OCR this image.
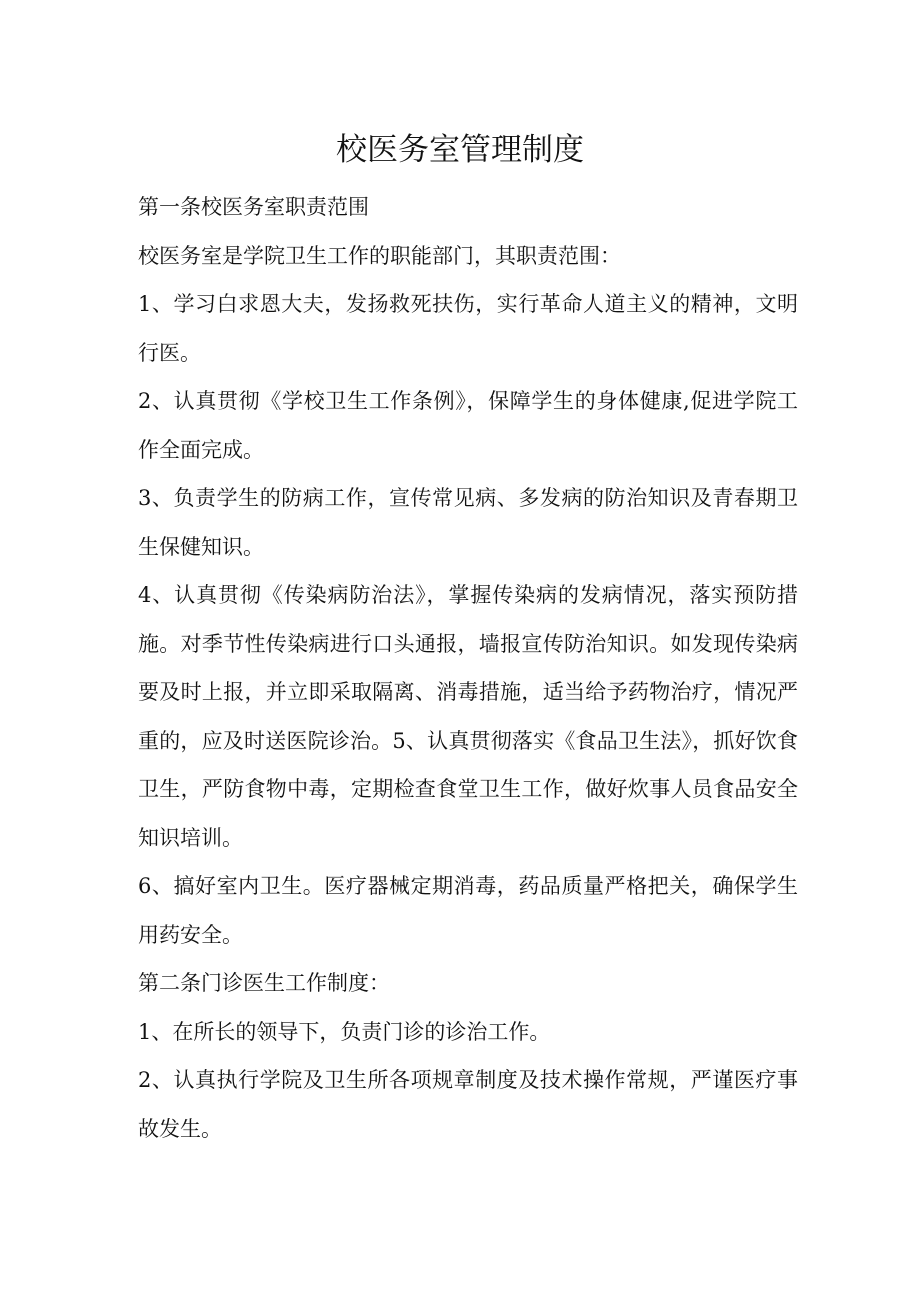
校医务室管理制度

第一条校医务室职责范围

校医务室是学院卫生工作的职能部门，其职责范围：

1、学习白求恩大夫，发扬救死扶伤，实行革命人道主义的精神，文明行医。

2、认真贯彻《学校卫生工作条例》，保障学生的身体健康,促进学院工作全面完成。

3、负责学生的防病工作，宣传常见病、多发病的防治知识及青春期卫生保健知识。

4、认真贯彻《传染病防治法》，掌握传染病的发病情况，落实预防措施。对季节性传染病进行口头通报，墙报宣传防治知识。如发现传染病要及时上报，并立即采取隔离、消毒措施，适当给予药物治疗，情况严重的，应及时送医院诊治。5、认真贯彻落实《食品卫生法》，抓好饮食卫生，严防食物中毒，定期检查食堂卫生工作，做好炊事人员食品安全知识培训。

6、搞好室内卫生。医疗器械定期消毒，药品质量严格把关，确保学生用药安全。

第二条门诊医生工作制度：

1、在所长的领导下，负责门诊的诊治工作。

2、认真执行学院及卫生所各项规章制度及技术操作常规，严谨医疗事故发生。
